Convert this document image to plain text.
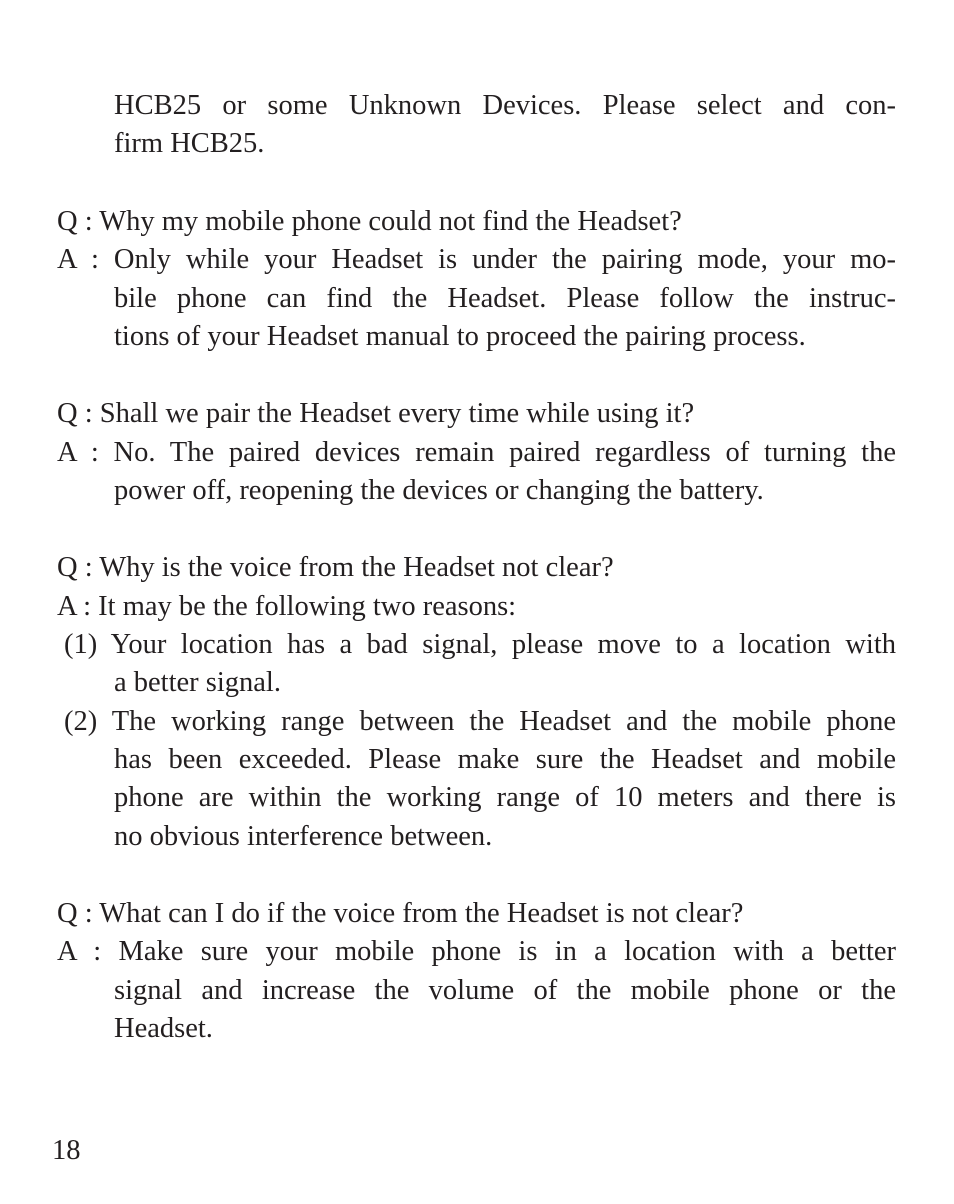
HCB25 or some Unknown Devices. Please select and con-
firm HCB25.
Q : Why my mobile phone could not find the Headset?
A : Only while your Headset is under the pairing mode, your mo-
bile phone can find the Headset. Please follow the instruc-
tions of your Headset manual to proceed the pairing process.
Q : Shall we pair the Headset every time while using it?
A : No. The paired devices remain paired regardless of turning the
power off, reopening the devices or changing the battery.
Q : Why is the voice from the Headset not clear?
A : It may be the following two reasons:
(1) Your location has a bad signal, please move to a location with
a better signal.
(2) The working range between the Headset and the mobile phone
has been exceeded. Please make sure the Headset and mobile
phone are within the working range of 10 meters and there is
no obvious interference between.
Q : What can I do if the voice from the Headset is not clear?
A : Make sure your mobile phone is in a location with a better
signal and increase the volume of the mobile phone or the
Headset.
18
